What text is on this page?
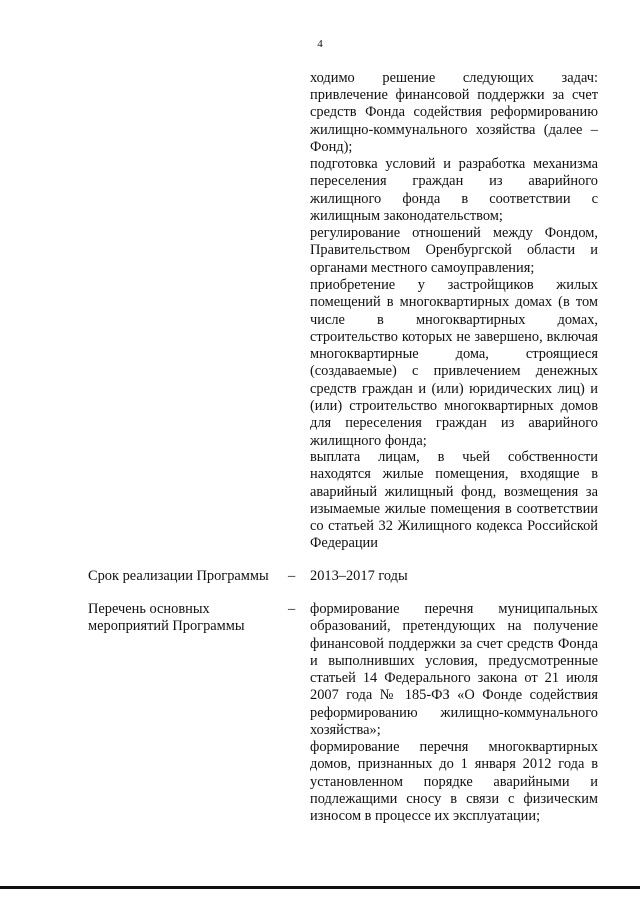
4

ходимо решение следующих задач:

привлечение финансовой поддержки за счет средств Фонда содействия реформированию жилищно-коммунального хозяйства (далее – Фонд);

подготовка условий и разработка механизма переселения граждан из аварийного жилищного фонда в соответствии с жилищным законодательством;

регулирование отношений между Фондом, Правительством Оренбургской области и органами местного самоуправления;

приобретение у застройщиков жилых помещений в многоквартирных домах (в том числе в многоквартирных домах, строительство которых не завершено, включая многоквартирные дома, строящиеся (создаваемые) с привлечением денежных средств граждан и (или) юридических лиц) и (или) строительство многоквартирных домов для переселения граждан из аварийного жилищного фонда;

выплата лицам, в чьей собственности находятся жилые помещения, входящие в аварийный жилищный фонд, возмещения за изымаемые жилые помещения в соответствии со статьей 32 Жилищного кодекса Российской Федерации

Срок реализации Программы	– 2013–2017 годы

Перечень основных мероприятий Программы

– формирование перечня муниципальных образований, претендующих на получение финансовой поддержки за счет средств Фонда и выполнивших условия, предусмотренные статьей 14 Федерального закона от 21 июля 2007 года № 185-ФЗ «О Фонде содействия реформированию жилищно-коммунального хозяйства»;

формирование перечня многоквартирных домов, признанных до 1 января 2012 года в установленном порядке аварийными и подлежащими сносу в связи с физическим износом в процессе их эксплуатации;
